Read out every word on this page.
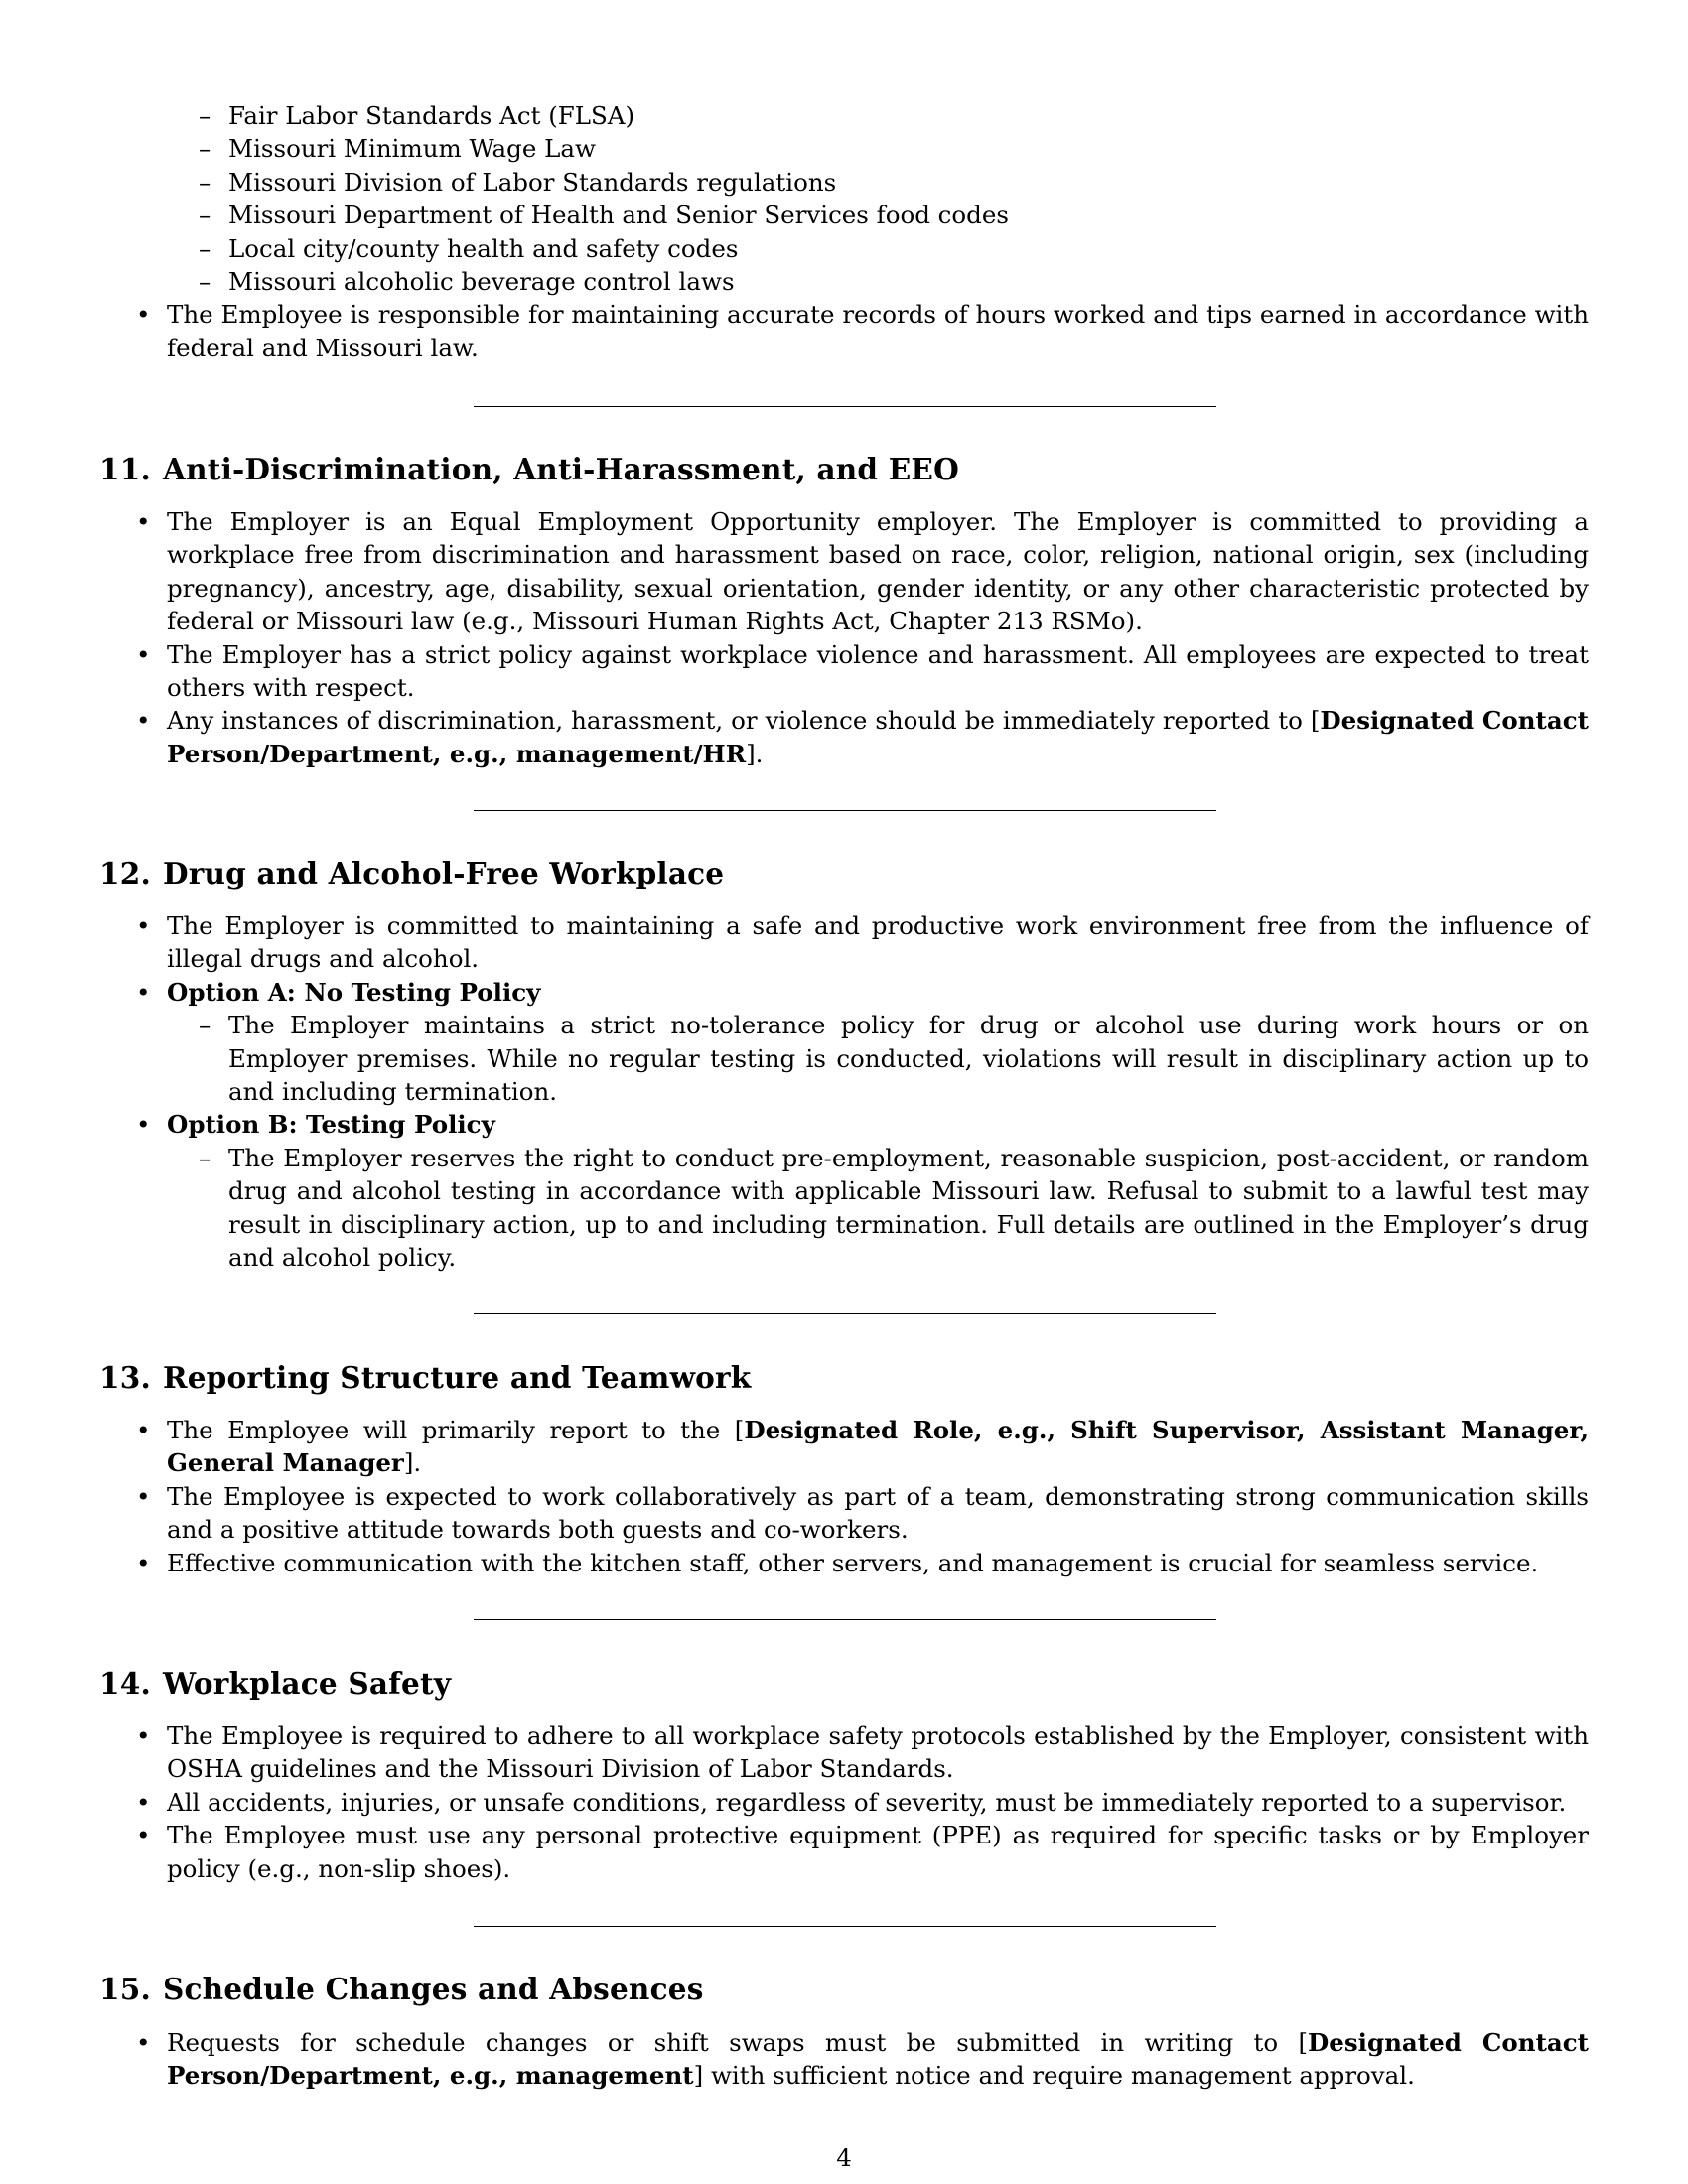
– Fair Labor Standards Act (FLSA)
– Missouri Minimum Wage Law
– Missouri Division of Labor Standards regulations
– Missouri Department of Health and Senior Services food codes
– Local city/county health and safety codes
– Missouri alcoholic beverage control laws
• The Employee is responsible for maintaining accurate records of hours worked and tips earned in accordance with federal and Missouri law.
11. Anti-Discrimination, Anti-Harassment, and EEO
• The Employer is an Equal Employment Opportunity employer. The Employer is committed to providing a workplace free from discrimination and harassment based on race, color, religion, national origin, sex (including pregnancy), ancestry, age, disability, sexual orientation, gender identity, or any other characteristic protected by federal or Missouri law (e.g., Missouri Human Rights Act, Chapter 213 RSMo).
• The Employer has a strict policy against workplace violence and harassment. All employees are expected to treat others with respect.
• Any instances of discrimination, harassment, or violence should be immediately reported to [Designated Contact Person/Department, e.g., management/HR].
12. Drug and Alcohol-Free Workplace
• The Employer is committed to maintaining a safe and productive work environment free from the influence of illegal drugs and alcohol.
• Option A: No Testing Policy
– The Employer maintains a strict no-tolerance policy for drug or alcohol use during work hours or on Employer premises. While no regular testing is conducted, violations will result in disciplinary action up to and including termination.
• Option B: Testing Policy
– The Employer reserves the right to conduct pre-employment, reasonable suspicion, post-accident, or random drug and alcohol testing in accordance with applicable Missouri law. Refusal to submit to a lawful test may result in disciplinary action, up to and including termination. Full details are outlined in the Employer’s drug and alcohol policy.
13. Reporting Structure and Teamwork
• The Employee will primarily report to the [Designated Role, e.g., Shift Supervisor, Assistant Manager, General Manager].
• The Employee is expected to work collaboratively as part of a team, demonstrating strong communication skills and a positive attitude towards both guests and co-workers.
• Effective communication with the kitchen staff, other servers, and management is crucial for seamless service.
14. Workplace Safety
• The Employee is required to adhere to all workplace safety protocols established by the Employer, consistent with OSHA guidelines and the Missouri Division of Labor Standards.
• All accidents, injuries, or unsafe conditions, regardless of severity, must be immediately reported to a supervisor.
• The Employee must use any personal protective equipment (PPE) as required for specific tasks or by Employer policy (e.g., non-slip shoes).
15. Schedule Changes and Absences
• Requests for schedule changes or shift swaps must be submitted in writing to [Designated Contact Person/Department, e.g., management] with sufficient notice and require management approval.
4
